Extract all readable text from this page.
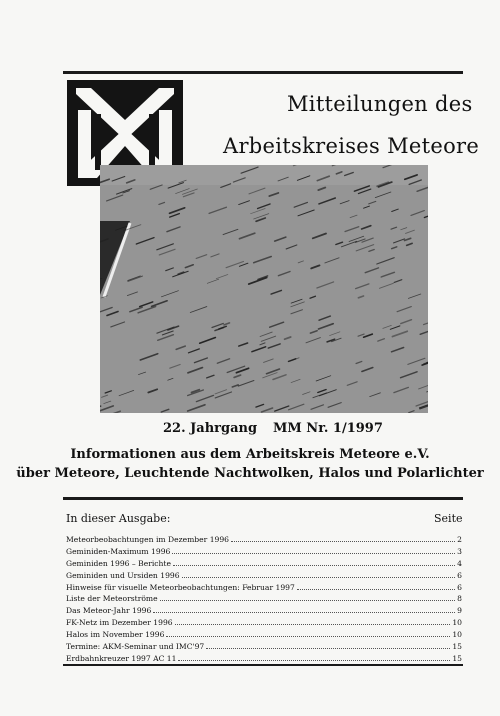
Mitteilungen des
Arbeitskreises Meteore
22. Jahrgang MM Nr. 1/1997
Informationen aus dem Arbeitskreis Meteore e.V.
über Meteore, Leuchtende Nachtwolken, Halos und Polarlichter
In dieser Ausgabe:	Seite
Meteorbeobachtungen im Dezember 1996	2
Geminiden-Maximum 1996	3
Geminiden 1996 – Berichte	4
Geminiden und Ursiden 1996	6
Hinweise für visuelle Meteorbeobachtungen: Februar 1997	6
Liste der Meteorströme	8
Das Meteor-Jahr 1996	9
FK-Netz im Dezember 1996	10
Halos im November 1996	10
Termine: AKM-Seminar und IMC'97	15
Erdbahnkreuzer 1997 AC 11	15
